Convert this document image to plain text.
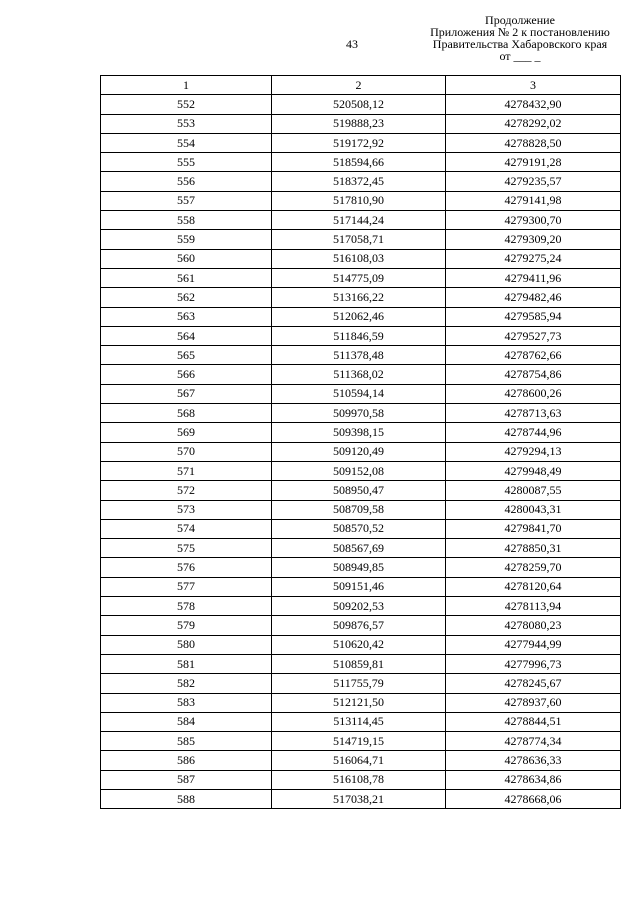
43
Продолжение
Приложения № 2 к постановлению
Правительства Хабаровского края
от ___ _
1	2	3
552	520508,12	4278432,90
553	519888,23	4278292,02
554	519172,92	4278828,50
555	518594,66	4279191,28
556	518372,45	4279235,57
557	517810,90	4279141,98
558	517144,24	4279300,70
559	517058,71	4279309,20
560	516108,03	4279275,24
561	514775,09	4279411,96
562	513166,22	4279482,46
563	512062,46	4279585,94
564	511846,59	4279527,73
565	511378,48	4278762,66
566	511368,02	4278754,86
567	510594,14	4278600,26
568	509970,58	4278713,63
569	509398,15	4278744,96
570	509120,49	4279294,13
571	509152,08	4279948,49
572	508950,47	4280087,55
573	508709,58	4280043,31
574	508570,52	4279841,70
575	508567,69	4278850,31
576	508949,85	4278259,70
577	509151,46	4278120,64
578	509202,53	4278113,94
579	509876,57	4278080,23
580	510620,42	4277944,99
581	510859,81	4277996,73
582	511755,79	4278245,67
583	512121,50	4278937,60
584	513114,45	4278844,51
585	514719,15	4278774,34
586	516064,71	4278636,33
587	516108,78	4278634,86
588	517038,21	4278668,06
